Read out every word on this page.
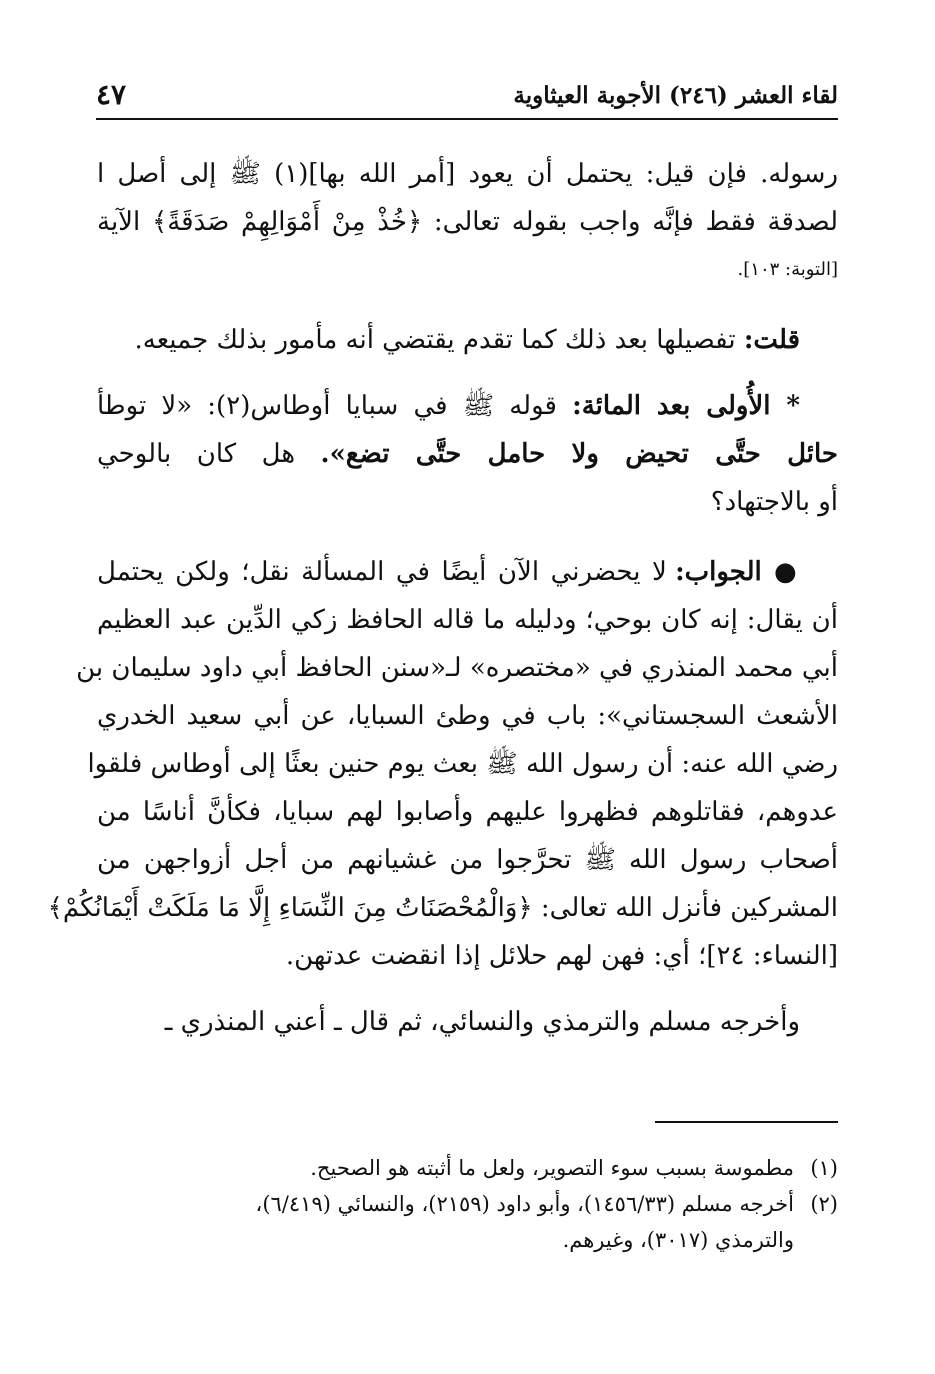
لقاء العشر (٢٤٦) الأجوبة العيثاوية
٤٧
رسوله. فإن قيل: يحتمل أن يعود [أمر الله بها](١) ﷺ إلى أصل ا
لصدقة فقط فإنَّه واجب بقوله تعالى: ﴿خُذْ مِنْ أَمْوَالِهِمْ صَدَقَةً﴾ الآية
[التوبة: ١٠٣].
قلت: تفصيلها بعد ذلك كما تقدم يقتضي أنه مأمور بذلك جميعه.
* الأُولى بعد المائة: قوله ﷺ في سبايا أوطاس(٢): «لا توطأ
حائل حتَّى تحيض ولا حامل حتَّى تضع». هل كان بالوحي
أو بالاجتهاد؟
● الجواب: لا يحضرني الآن أيضًا في المسألة نقل؛ ولكن يحتمل
أن يقال: إنه كان بوحي؛ ودليله ما قاله الحافظ زكي الدِّين عبد العظيم
أبي محمد المنذري في «مختصره» لـ«سنن الحافظ أبي داود سليمان بن
الأشعث السجستاني»: باب في وطئ السبايا، عن أبي سعيد الخدري
رضي الله عنه: أن رسول الله ﷺ بعث يوم حنين بعثًا إلى أوطاس فلقوا
عدوهم، فقاتلوهم فظهروا عليهم وأصابوا لهم سبايا، فكأنَّ أناسًا من
أصحاب رسول الله ﷺ تحرَّجوا من غشيانهم من أجل أزواجهن من
المشركين فأنزل الله تعالى: ﴿وَالْمُحْصَنَاتُ مِنَ النِّسَاءِ إِلَّا مَا مَلَكَتْ أَيْمَانُكُمْ﴾
[النساء: ٢٤]؛ أي: فهن لهم حلائل إذا انقضت عدتهن.
وأخرجه مسلم والترمذي والنسائي، ثم قال ـ أعني المنذري ـ
(١)مطموسة بسبب سوء التصوير، ولعل ما أثبته هو الصحيح.
(٢)أخرجه مسلم (١٤٥٦/٣٣)، وأبو داود (٢١٥٩)، والنسائي (٦/٤١٩)،
والترمذي (٣٠١٧)، وغيرهم.
